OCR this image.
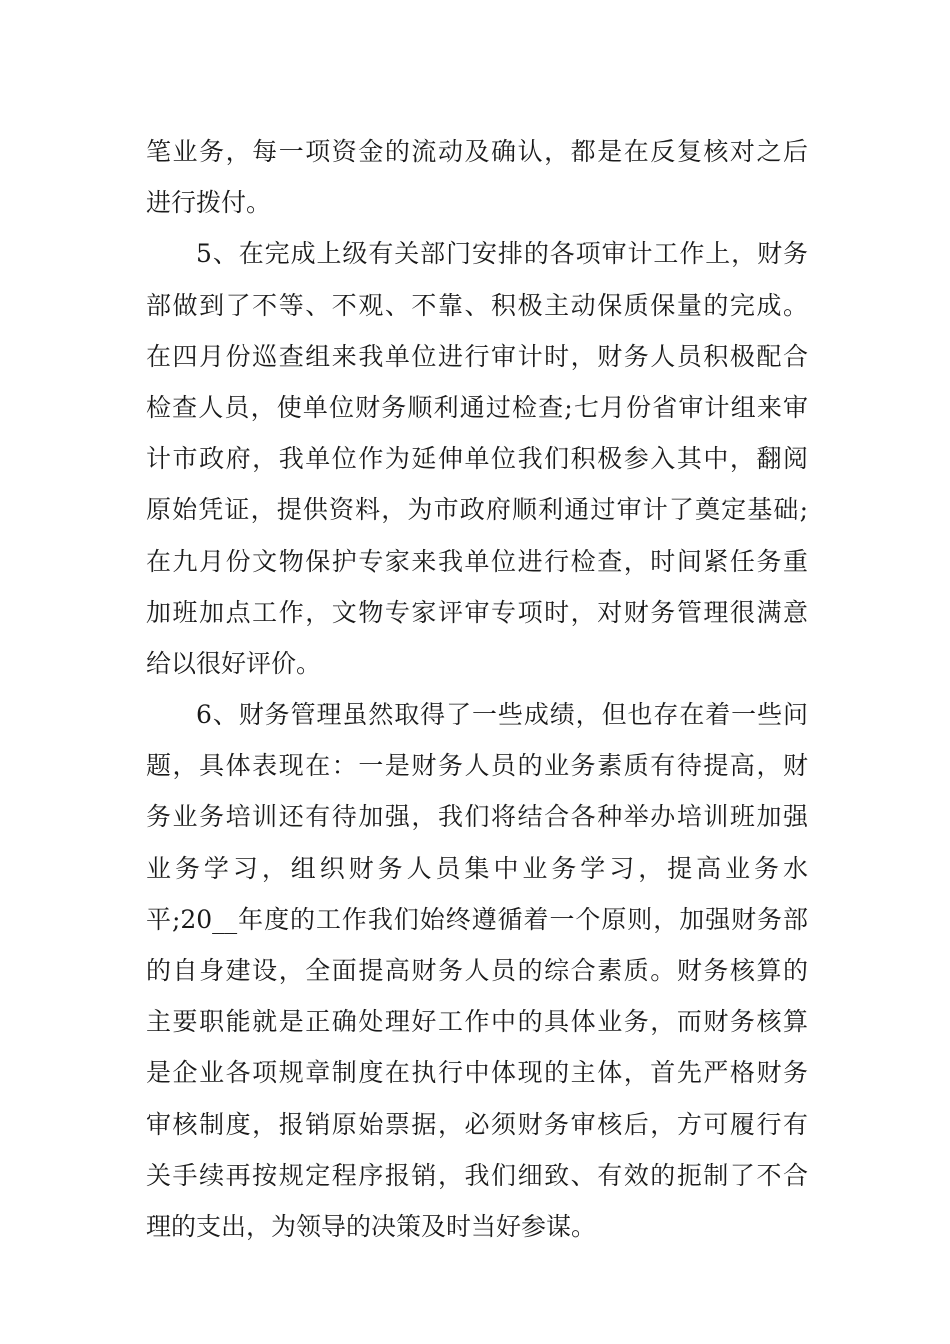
笔业务，每一项资金的流动及确认，都是在反复核对之后
进行拨付。
5、在完成上级有关部门安排的各项审计工作上，财务
部做到了不等、不观、不靠、积极主动保质保量的完成。
在四月份巡查组来我单位进行审计时，财务人员积极配合
检查人员，使单位财务顺利通过检查;七月份省审计组来审
计市政府，我单位作为延伸单位我们积极参入其中，翻阅
原始凭证，提供资料，为市政府顺利通过审计了奠定基础;
在九月份文物保护专家来我单位进行检查，时间紧任务重
加班加点工作，文物专家评审专项时，对财务管理很满意
给以很好评价。
6、财务管理虽然取得了一些成绩，但也存在着一些问
题，具体表现在：一是财务人员的业务素质有待提高，财
务业务培训还有待加强，我们将结合各种举办培训班加强
业务学习，组织财务人员集中业务学习，提高业务水
平;20__年度的工作我们始终遵循着一个原则，加强财务部
的自身建设，全面提高财务人员的综合素质。财务核算的
主要职能就是正确处理好工作中的具体业务，而财务核算
是企业各项规章制度在执行中体现的主体，首先严格财务
审核制度，报销原始票据，必须财务审核后，方可履行有
关手续再按规定程序报销，我们细致、有效的扼制了不合
理的支出，为领导的决策及时当好参谋。
